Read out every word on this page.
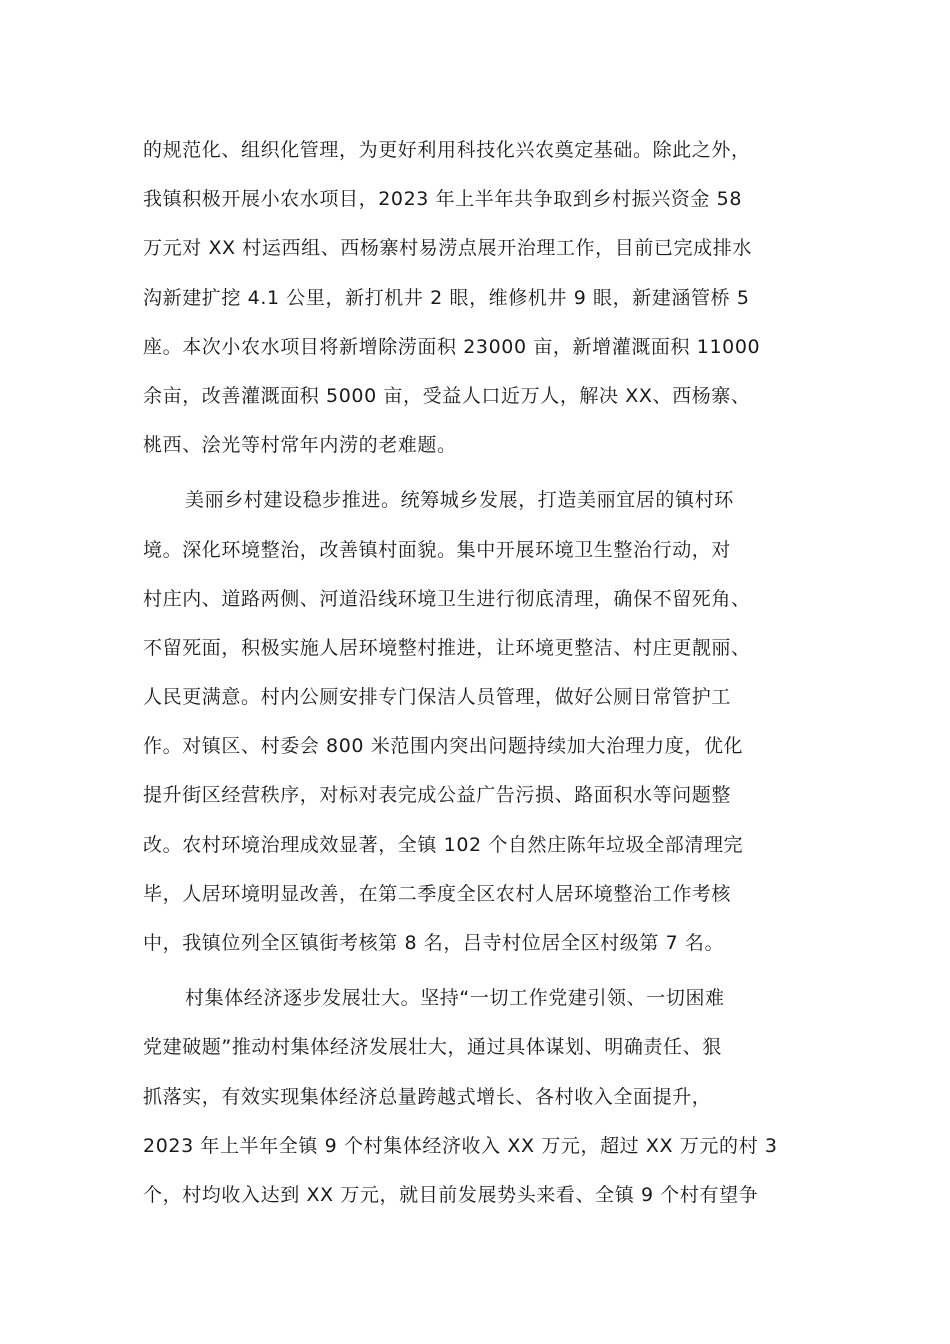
的规范化、组织化管理，为更好利用科技化兴农奠定基础。除此之外，
我镇积极开展小农水项目，2023 年上半年共争取到乡村振兴资金 58
万元对 XX 村运西组、西杨寨村易涝点展开治理工作，目前已完成排水
沟新建扩挖 4.1 公里，新打机井 2 眼，维修机井 9 眼，新建涵管桥 5
座。本次小农水项目将新增除涝面积 23000 亩，新增灌溉面积 11000
余亩，改善灌溉面积 5000 亩，受益人口近万人，解决 XX、西杨寨、
桃西、浍光等村常年内涝的老难题。
美丽乡村建设稳步推进。统筹城乡发展，打造美丽宜居的镇村环
境。深化环境整治，改善镇村面貌。集中开展环境卫生整治行动，对
村庄内、道路两侧、河道沿线环境卫生进行彻底清理，确保不留死角、
不留死面，积极实施人居环境整村推进，让环境更整洁、村庄更靓丽、
人民更满意。村内公厕安排专门保洁人员管理，做好公厕日常管护工
作。对镇区、村委会 800 米范围内突出问题持续加大治理力度，优化
提升街区经营秩序，对标对表完成公益广告污损、路面积水等问题整
改。农村环境治理成效显著，全镇 102 个自然庄陈年垃圾全部清理完
毕，人居环境明显改善，在第二季度全区农村人居环境整治工作考核
中，我镇位列全区镇街考核第 8 名，吕寺村位居全区村级第 7 名。
村集体经济逐步发展壮大。坚持“一切工作党建引领、一切困难
党建破题”推动村集体经济发展壮大，通过具体谋划、明确责任、狠
抓落实，有效实现集体经济总量跨越式增长、各村收入全面提升，
2023 年上半年全镇 9 个村集体经济收入 XX 万元，超过 XX 万元的村 3
个，村均收入达到 XX 万元，就目前发展势头来看、全镇 9 个村有望争
